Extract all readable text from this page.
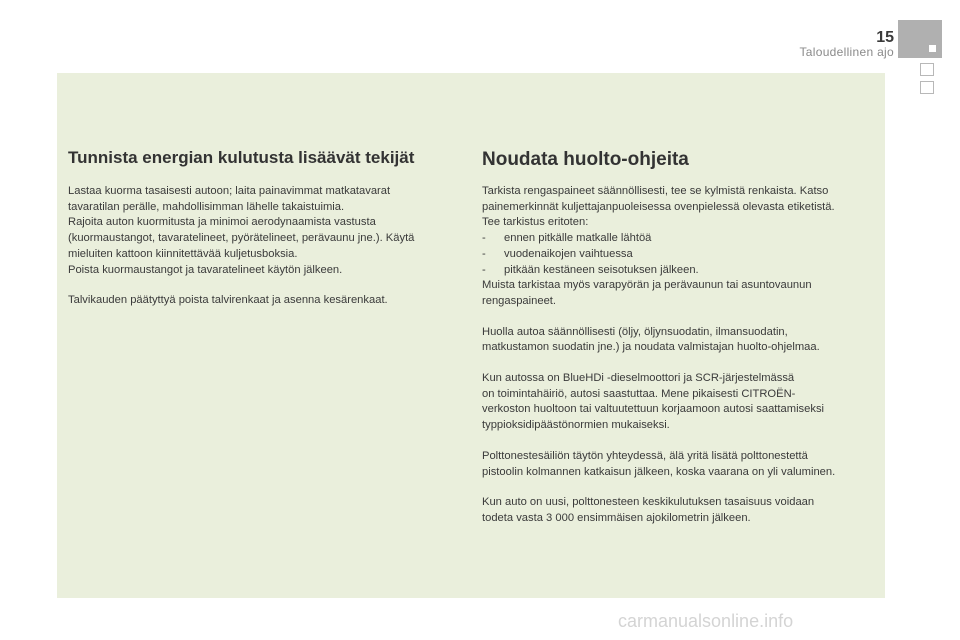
15
Taloudellinen ajo
Tunnista energian kulutusta lisäävät tekijät

Lastaa kuorma tasaisesti autoon; laita painavimmat matkatavarat
tavaratilan perälle, mahdollisimman lähelle takaistuimia.
Rajoita auton kuormitusta ja minimoi aerodynaamista vastusta
(kuormaustangot, tavaratelineet, pyörätelineet, perävaunu jne.). Käytä
mieluiten kattoon kiinnitettävää kuljetusboksia.
Poista kuormaustangot ja tavaratelineet käytön jälkeen.

Talvikauden päätyttyä poista talvirenkaat ja asenna kesärenkaat.

Noudata huolto-ohjeita

Tarkista rengaspaineet säännöllisesti, tee se kylmistä renkaista. Katso
painemerkinnät kuljettajanpuoleisessa ovenpielessä olevasta etiketistä.
Tee tarkistus eritoten:
- ennen pitkälle matkalle lähtöä
- vuodenaikojen vaihtuessa
- pitkään kestäneen seisotuksen jälkeen.
Muista tarkistaa myös varapyörän ja perävaunun tai asuntovaunun
rengaspaineet.

Huolla autoa säännöllisesti (öljy, öljynsuodatin, ilmansuodatin,
matkustamon suodatin jne.) ja noudata valmistajan huolto-ohjelmaa.

Kun autossa on BlueHDi -dieselmoottori ja SCR-järjestelmässä
on toimintahäiriö, autosi saastuttaa. Mene pikaisesti CITROËN-
verkoston huoltoon tai valtuutettuun korjaamoon autosi saattamiseksi
typpioksidipäästönormien mukaiseksi.

Polttonestesäiliön täytön yhteydessä, älä yritä lisätä polttonestettä
pistoolin kolmannen katkaisun jälkeen, koska vaarana on yli valuminen.

Kun auto on uusi, polttonesteen keskikulutuksen tasaisuus voidaan
todeta vasta 3 000 ensimmäisen ajokilometrin jälkeen.

carmanualsonline.info
